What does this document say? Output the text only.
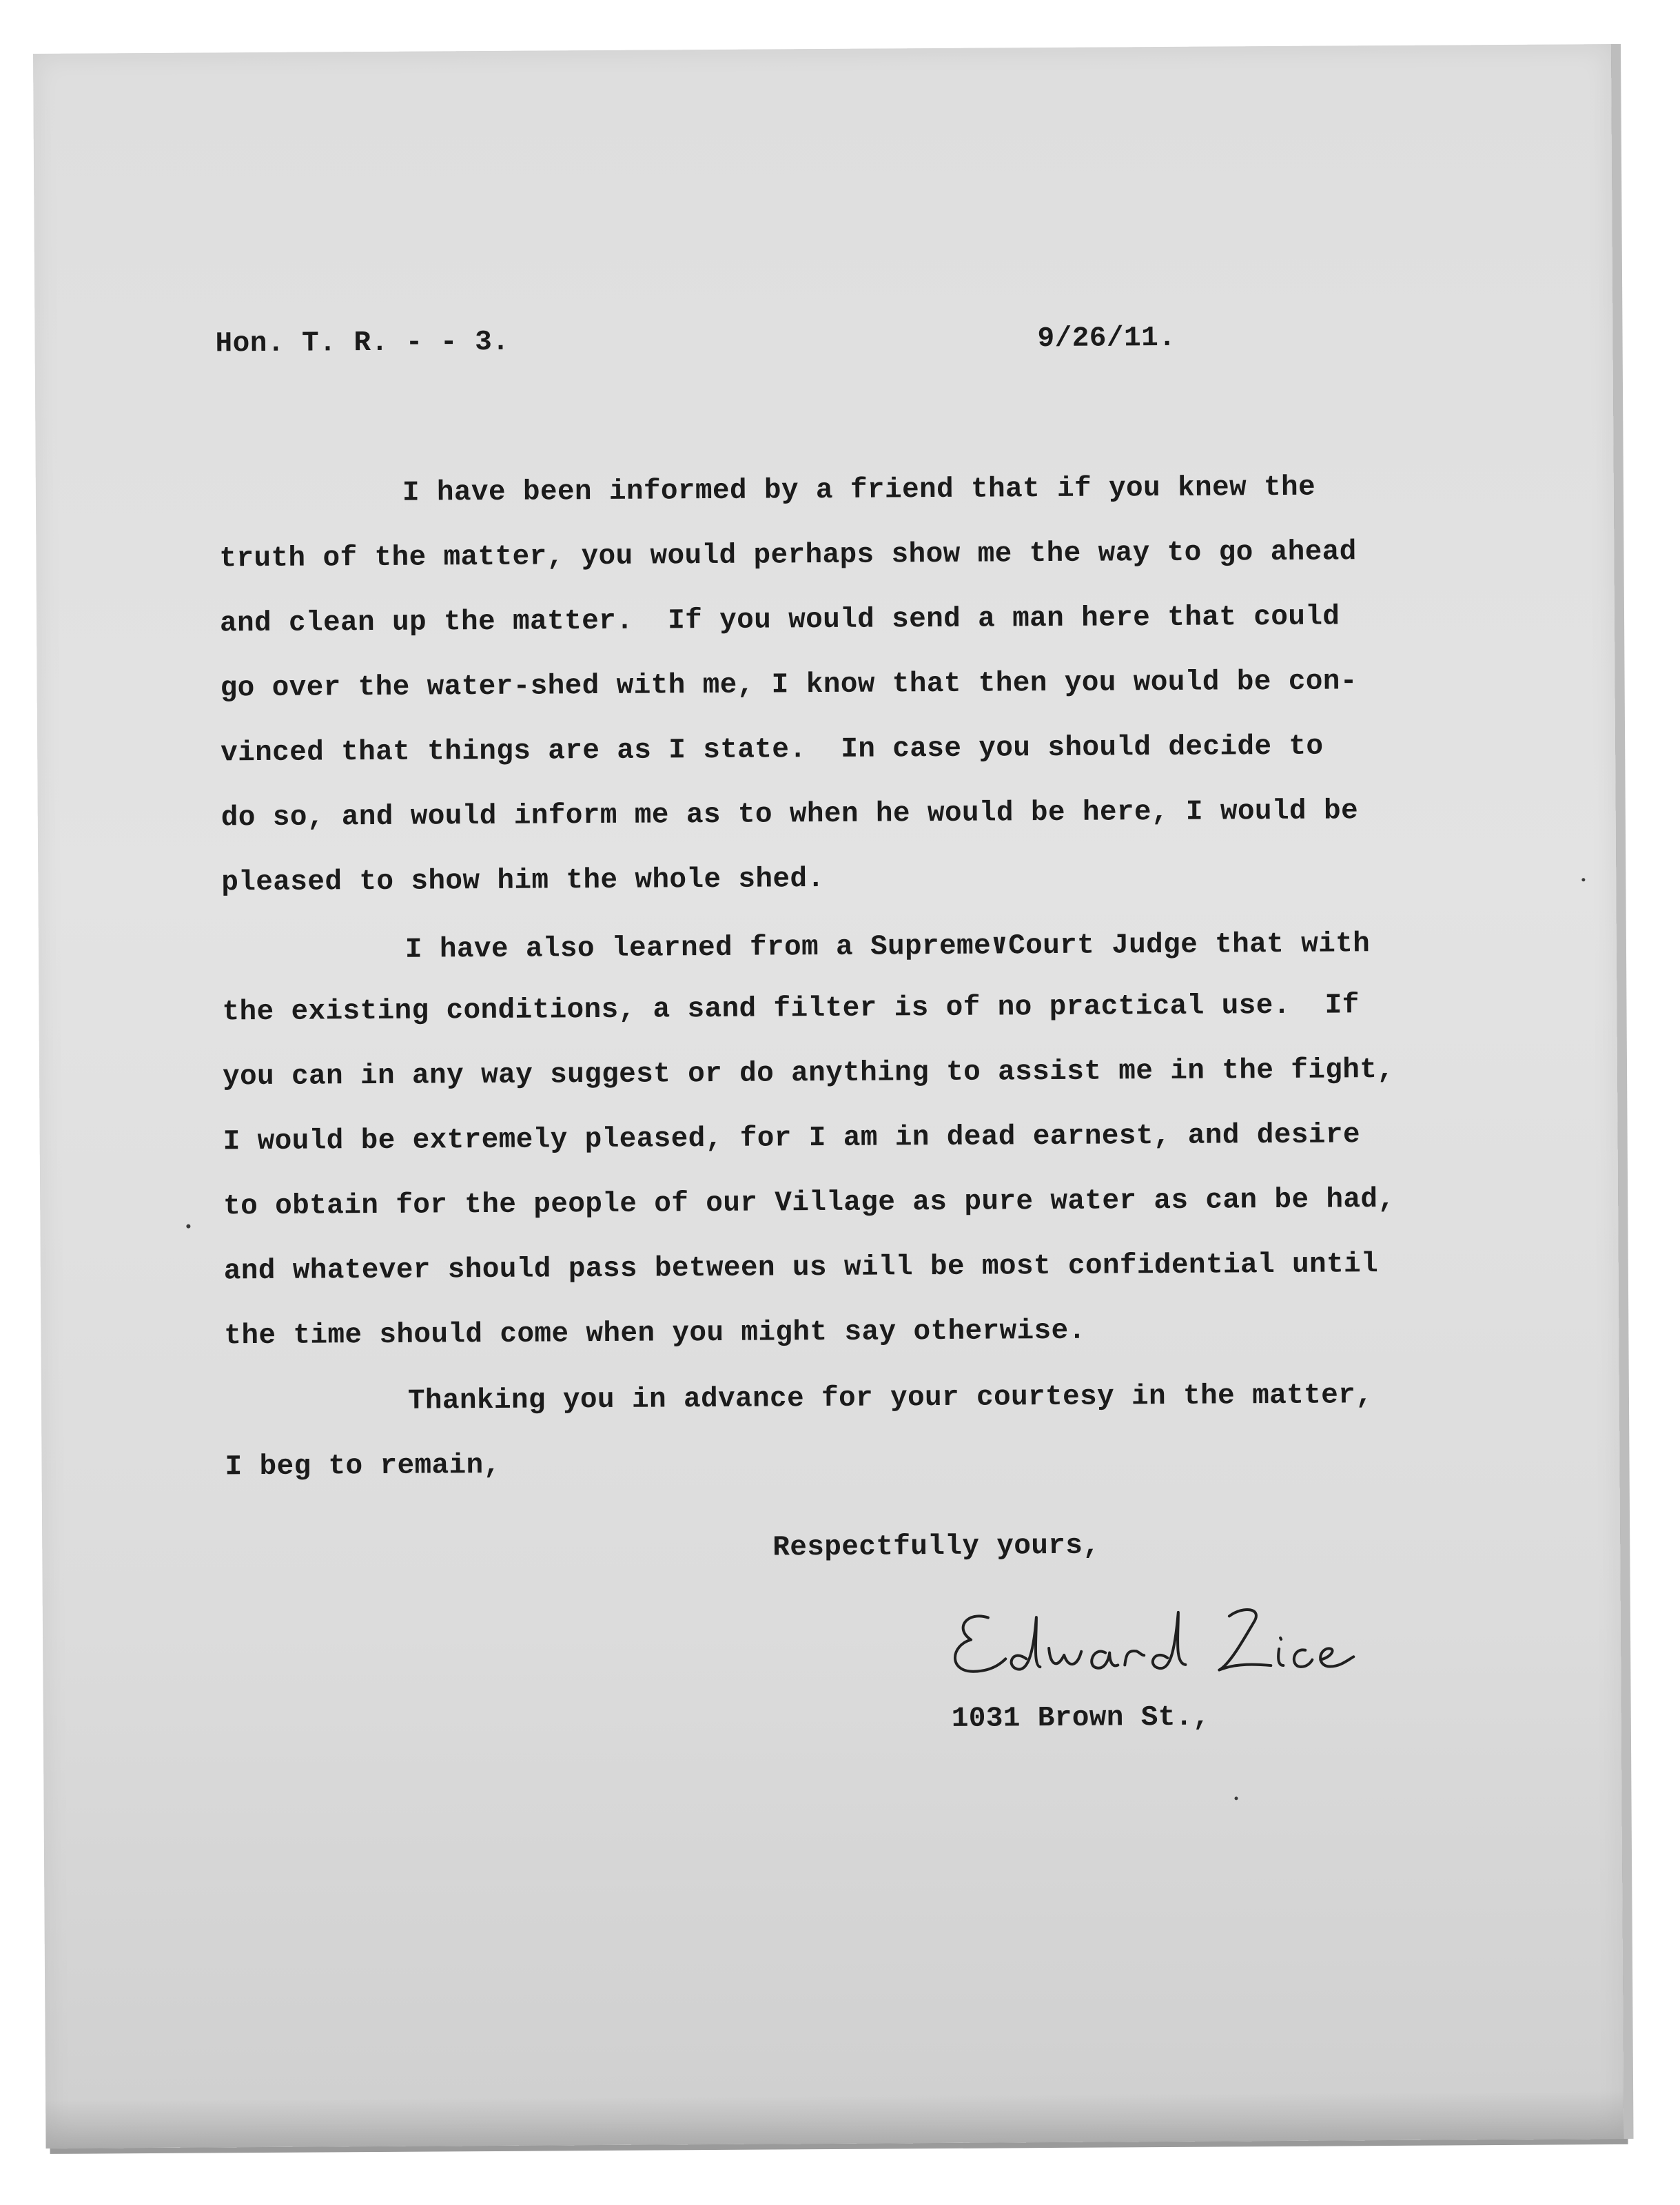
Hon. T. R. - - 3.	9/26/11.
I have been informed by a friend that if you knew the
truth of the matter, you would perhaps show me the way to go ahead
and clean up the matter.  If you would send a man here that could
go over the water-shed with me, I know that then you would be con-
vinced that things are as I state.  In case you should decide to
do so, and would inform me as to when he would be here, I would be
pleased to show him the whole shed.
I have also learned from a Supreme∨Court Judge that with
the existing conditions, a sand filter is of no practical use.  If
you can in any way suggest or do anything to assist me in the fight,
I would be extremely pleased, for I am in dead earnest, and desire
to obtain for the people of our Village as pure water as can be had,
and whatever should pass between us will be most confidential until
the time should come when you might say otherwise.
Thanking you in advance for your courtesy in the matter,
I beg to remain,
Respectfully yours,
1031 Brown St.,
